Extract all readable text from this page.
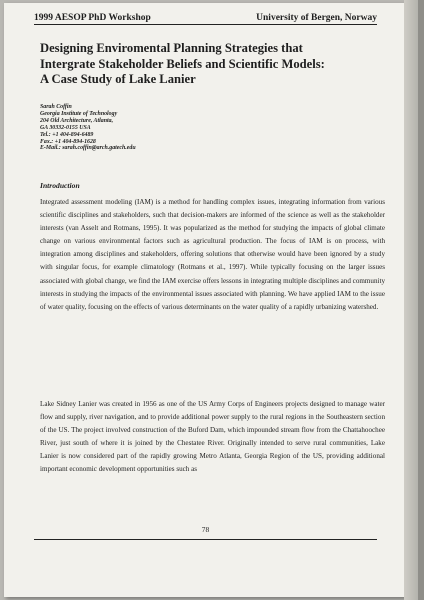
1999 AESOP PhD Workshop	University of Bergen, Norway
Designing Enviromental Planning Strategies that
Intergrate Stakeholder Beliefs and Scientific Models:
A Case Study of Lake Lanier
Sarah Coffin
Georgia Institute of Technology
204 Old Architecture, Atlanta,
GA 30332-0155 USA
Tel.: +1 404-894-6489
Fax.: +1 404-894-1628
E-Mail.: sarah.coffin@arch.gatech.edu
Introduction

Integrated assessment modeling (IAM) is a method for handling complex issues, integrating information from various scientific disciplines and stakeholders, such that decision-makers are informed of the science as well as the stakeholder interests (van Asselt and Rotmans, 1995). It was popularized as the method for studying the impacts of global climate change on various environmental factors such as agricultural production. The focus of IAM is on process, with integration among disciplines and stakeholders, offering solutions that otherwise would have been ignored by a study with singular focus, for example climatology (Rotmans et al., 1997). While typically focusing on the larger issues associated with global change, we find the IAM exercise offers lessons in integrating multiple disciplines and community interests in studying the impacts of the environmental issues associated with planning. We have applied IAM to the issue of water quality, focusing on the effects of various determinants on the water quality of a rapidly urbanizing watershed.

Lake Sidney Lanier was created in 1956 as one of the US Army Corps of Engineers projects designed to manage water flow and supply, river navigation, and to provide additional power supply to the rural regions in the Southeastern section of the US. The project involved construction of the Buford Dam, which impounded stream flow from the Chattahoochee River, just south of where it is joined by the Chestatee River. Originally intended to serve rural communities, Lake Lanier is now considered part of the rapidly growing Metro Atlanta, Georgia Region of the US, providing additional important economic development opportunities such as

78
